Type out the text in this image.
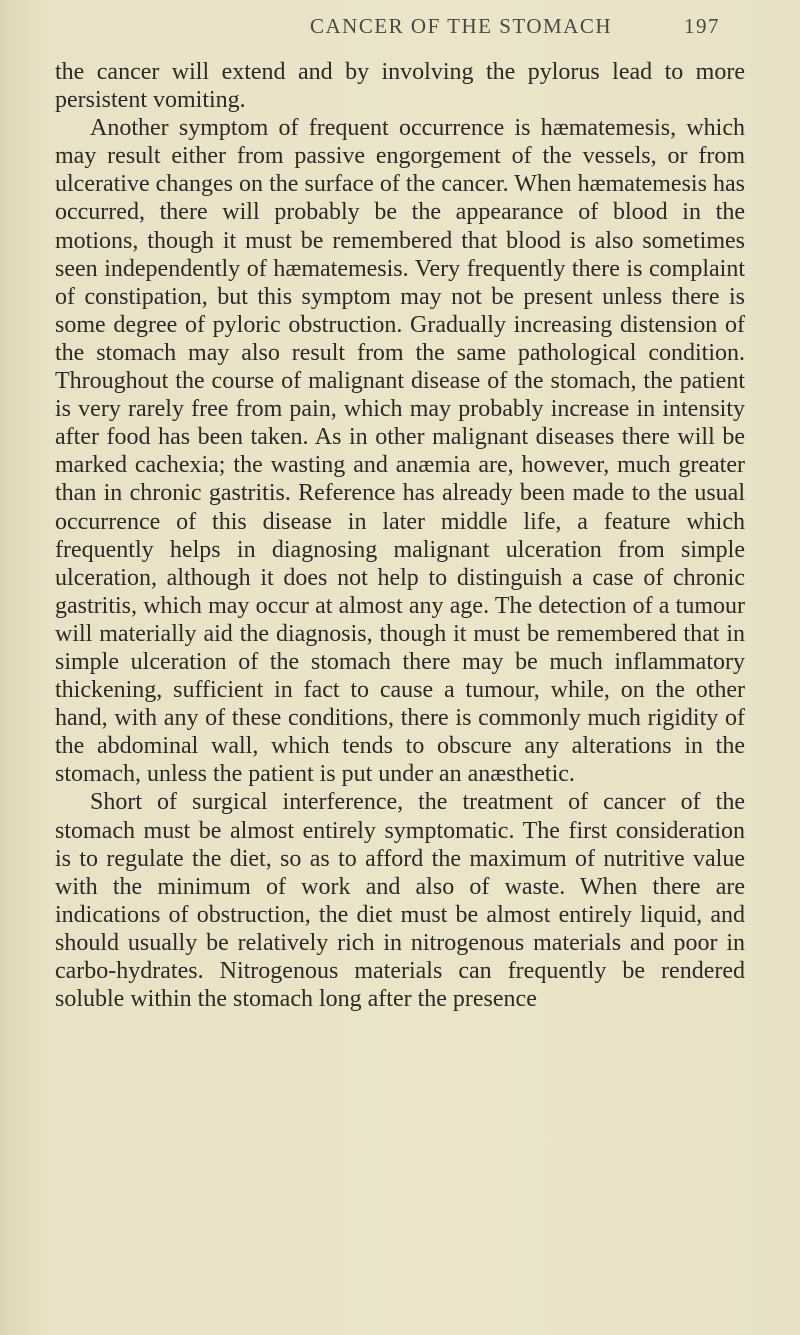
CANCER OF THE STOMACH	197

the cancer will extend and by involving the pylorus lead to more persistent vomiting.

Another symptom of frequent occurrence is hæmatemesis, which may result either from passive engorgement of the vessels, or from ulcerative changes on the surface of the cancer. When hæmatemesis has occurred, there will probably be the appearance of blood in the motions, though it must be remembered that blood is also sometimes seen independently of hæmatemesis. Very frequently there is complaint of constipation, but this symptom may not be present unless there is some degree of pyloric obstruction. Gradually increasing distension of the stomach may also result from the same pathological condition. Throughout the course of malignant disease of the stomach, the patient is very rarely free from pain, which may probably increase in intensity after food has been taken. As in other malignant diseases there will be marked cachexia; the wasting and anæmia are, however, much greater than in chronic gastritis. Reference has already been made to the usual occurrence of this disease in later middle life, a feature which frequently helps in diagnosing malignant ulceration from simple ulceration, although it does not help to distinguish a case of chronic gastritis, which may occur at almost any age. The detection of a tumour will materially aid the diagnosis, though it must be remembered that in simple ulceration of the stomach there may be much inflammatory thickening, sufficient in fact to cause a tumour, while, on the other hand, with any of these conditions, there is commonly much rigidity of the abdominal wall, which tends to obscure any alterations in the stomach, unless the patient is put under an anæsthetic.

Short of surgical interference, the treatment of cancer of the stomach must be almost entirely symptomatic. The first consideration is to regulate the diet, so as to afford the maximum of nutritive value with the minimum of work and also of waste. When there are indications of obstruction, the diet must be almost entirely liquid, and should usually be relatively rich in nitrogenous materials and poor in carbo-hydrates. Nitrogenous materials can frequently be rendered soluble within the stomach long after the presence
